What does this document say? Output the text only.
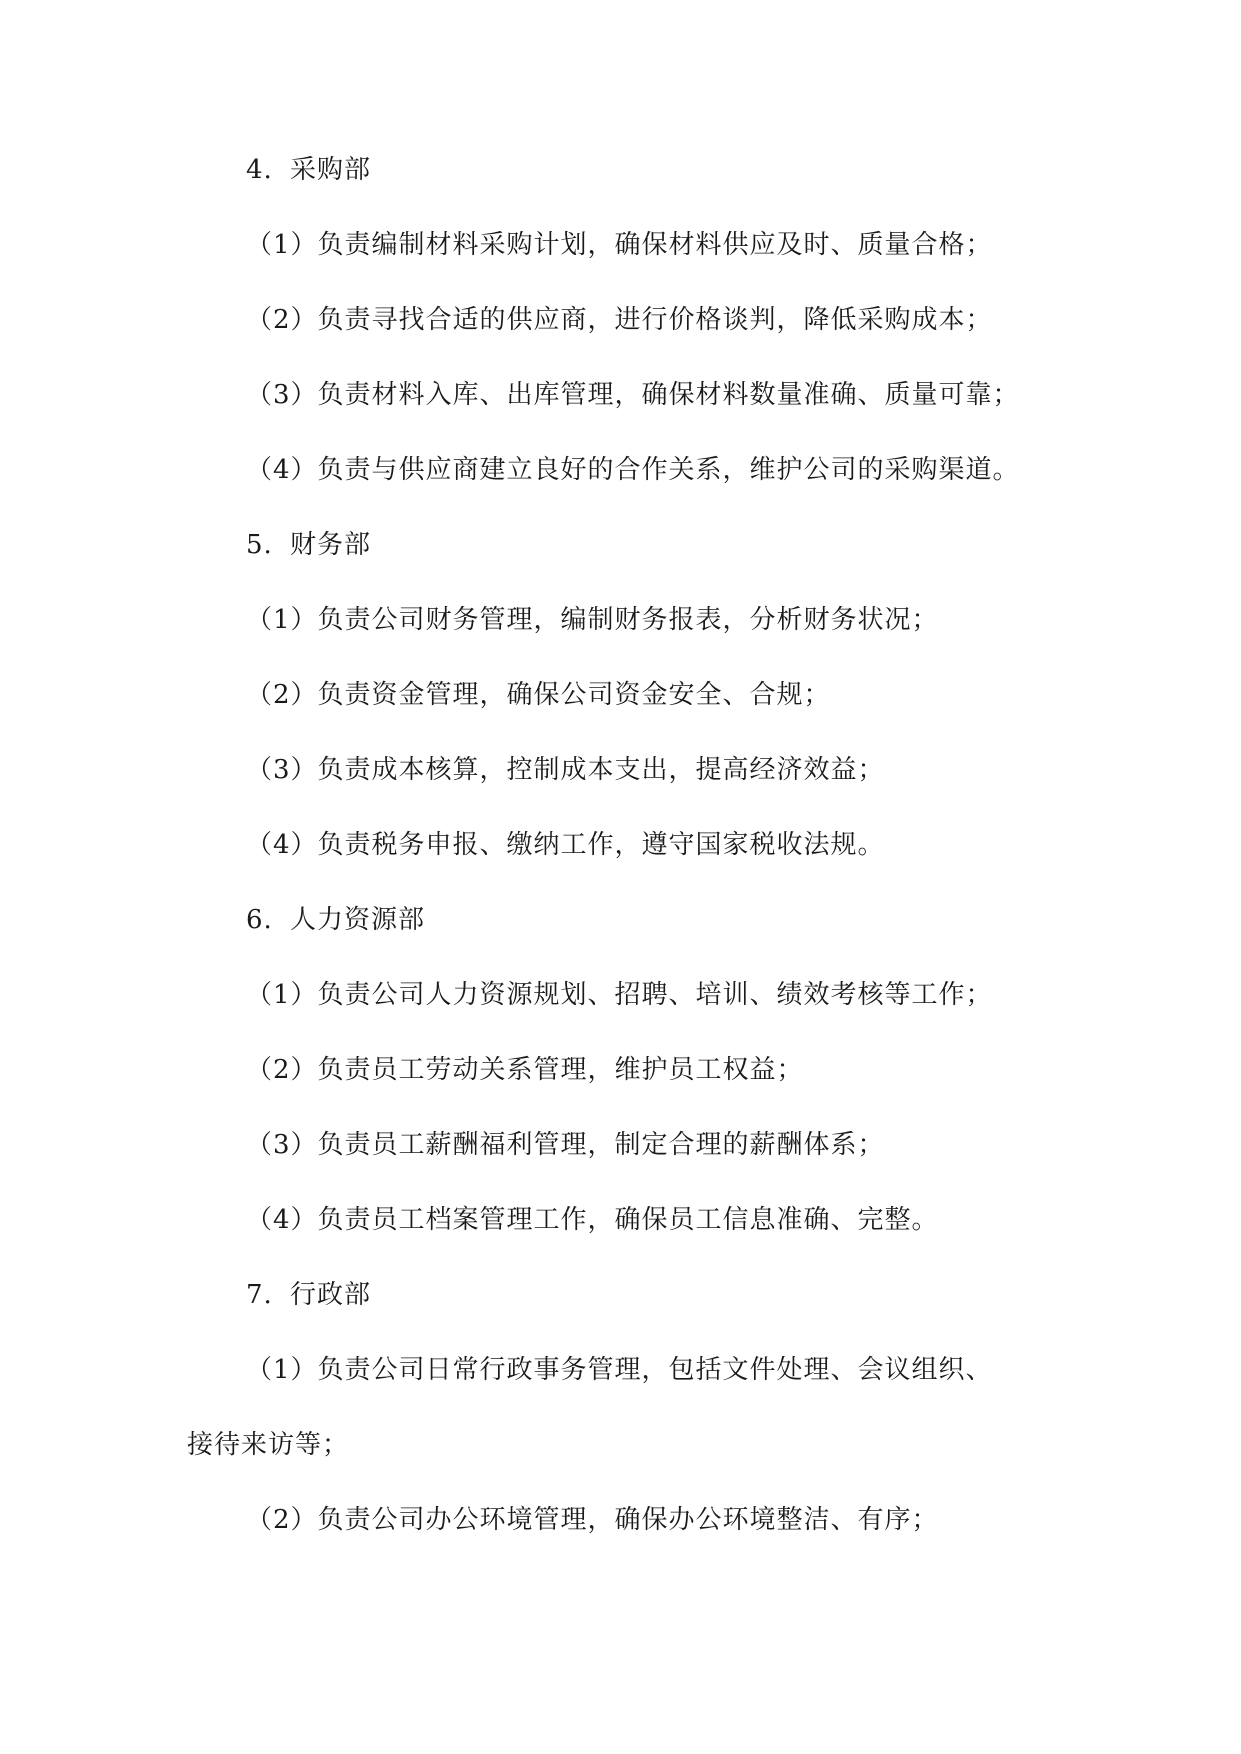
4. 采购部
（1）负责编制材料采购计划，确保材料供应及时、质量合格；
（2）负责寻找合适的供应商，进行价格谈判，降低采购成本；
（3）负责材料入库、出库管理，确保材料数量准确、质量可靠；
（4）负责与供应商建立良好的合作关系，维护公司的采购渠道。
5. 财务部
（1）负责公司财务管理，编制财务报表，分析财务状况；
（2）负责资金管理，确保公司资金安全、合规；
（3）负责成本核算，控制成本支出，提高经济效益；
（4）负责税务申报、缴纳工作，遵守国家税收法规。
6. 人力资源部
（1）负责公司人力资源规划、招聘、培训、绩效考核等工作；
（2）负责员工劳动关系管理，维护员工权益；
（3）负责员工薪酬福利管理，制定合理的薪酬体系；
（4）负责员工档案管理工作，确保员工信息准确、完整。
7. 行政部
（1）负责公司日常行政事务管理，包括文件处理、会议组织、
接待来访等；
（2）负责公司办公环境管理，确保办公环境整洁、有序；
